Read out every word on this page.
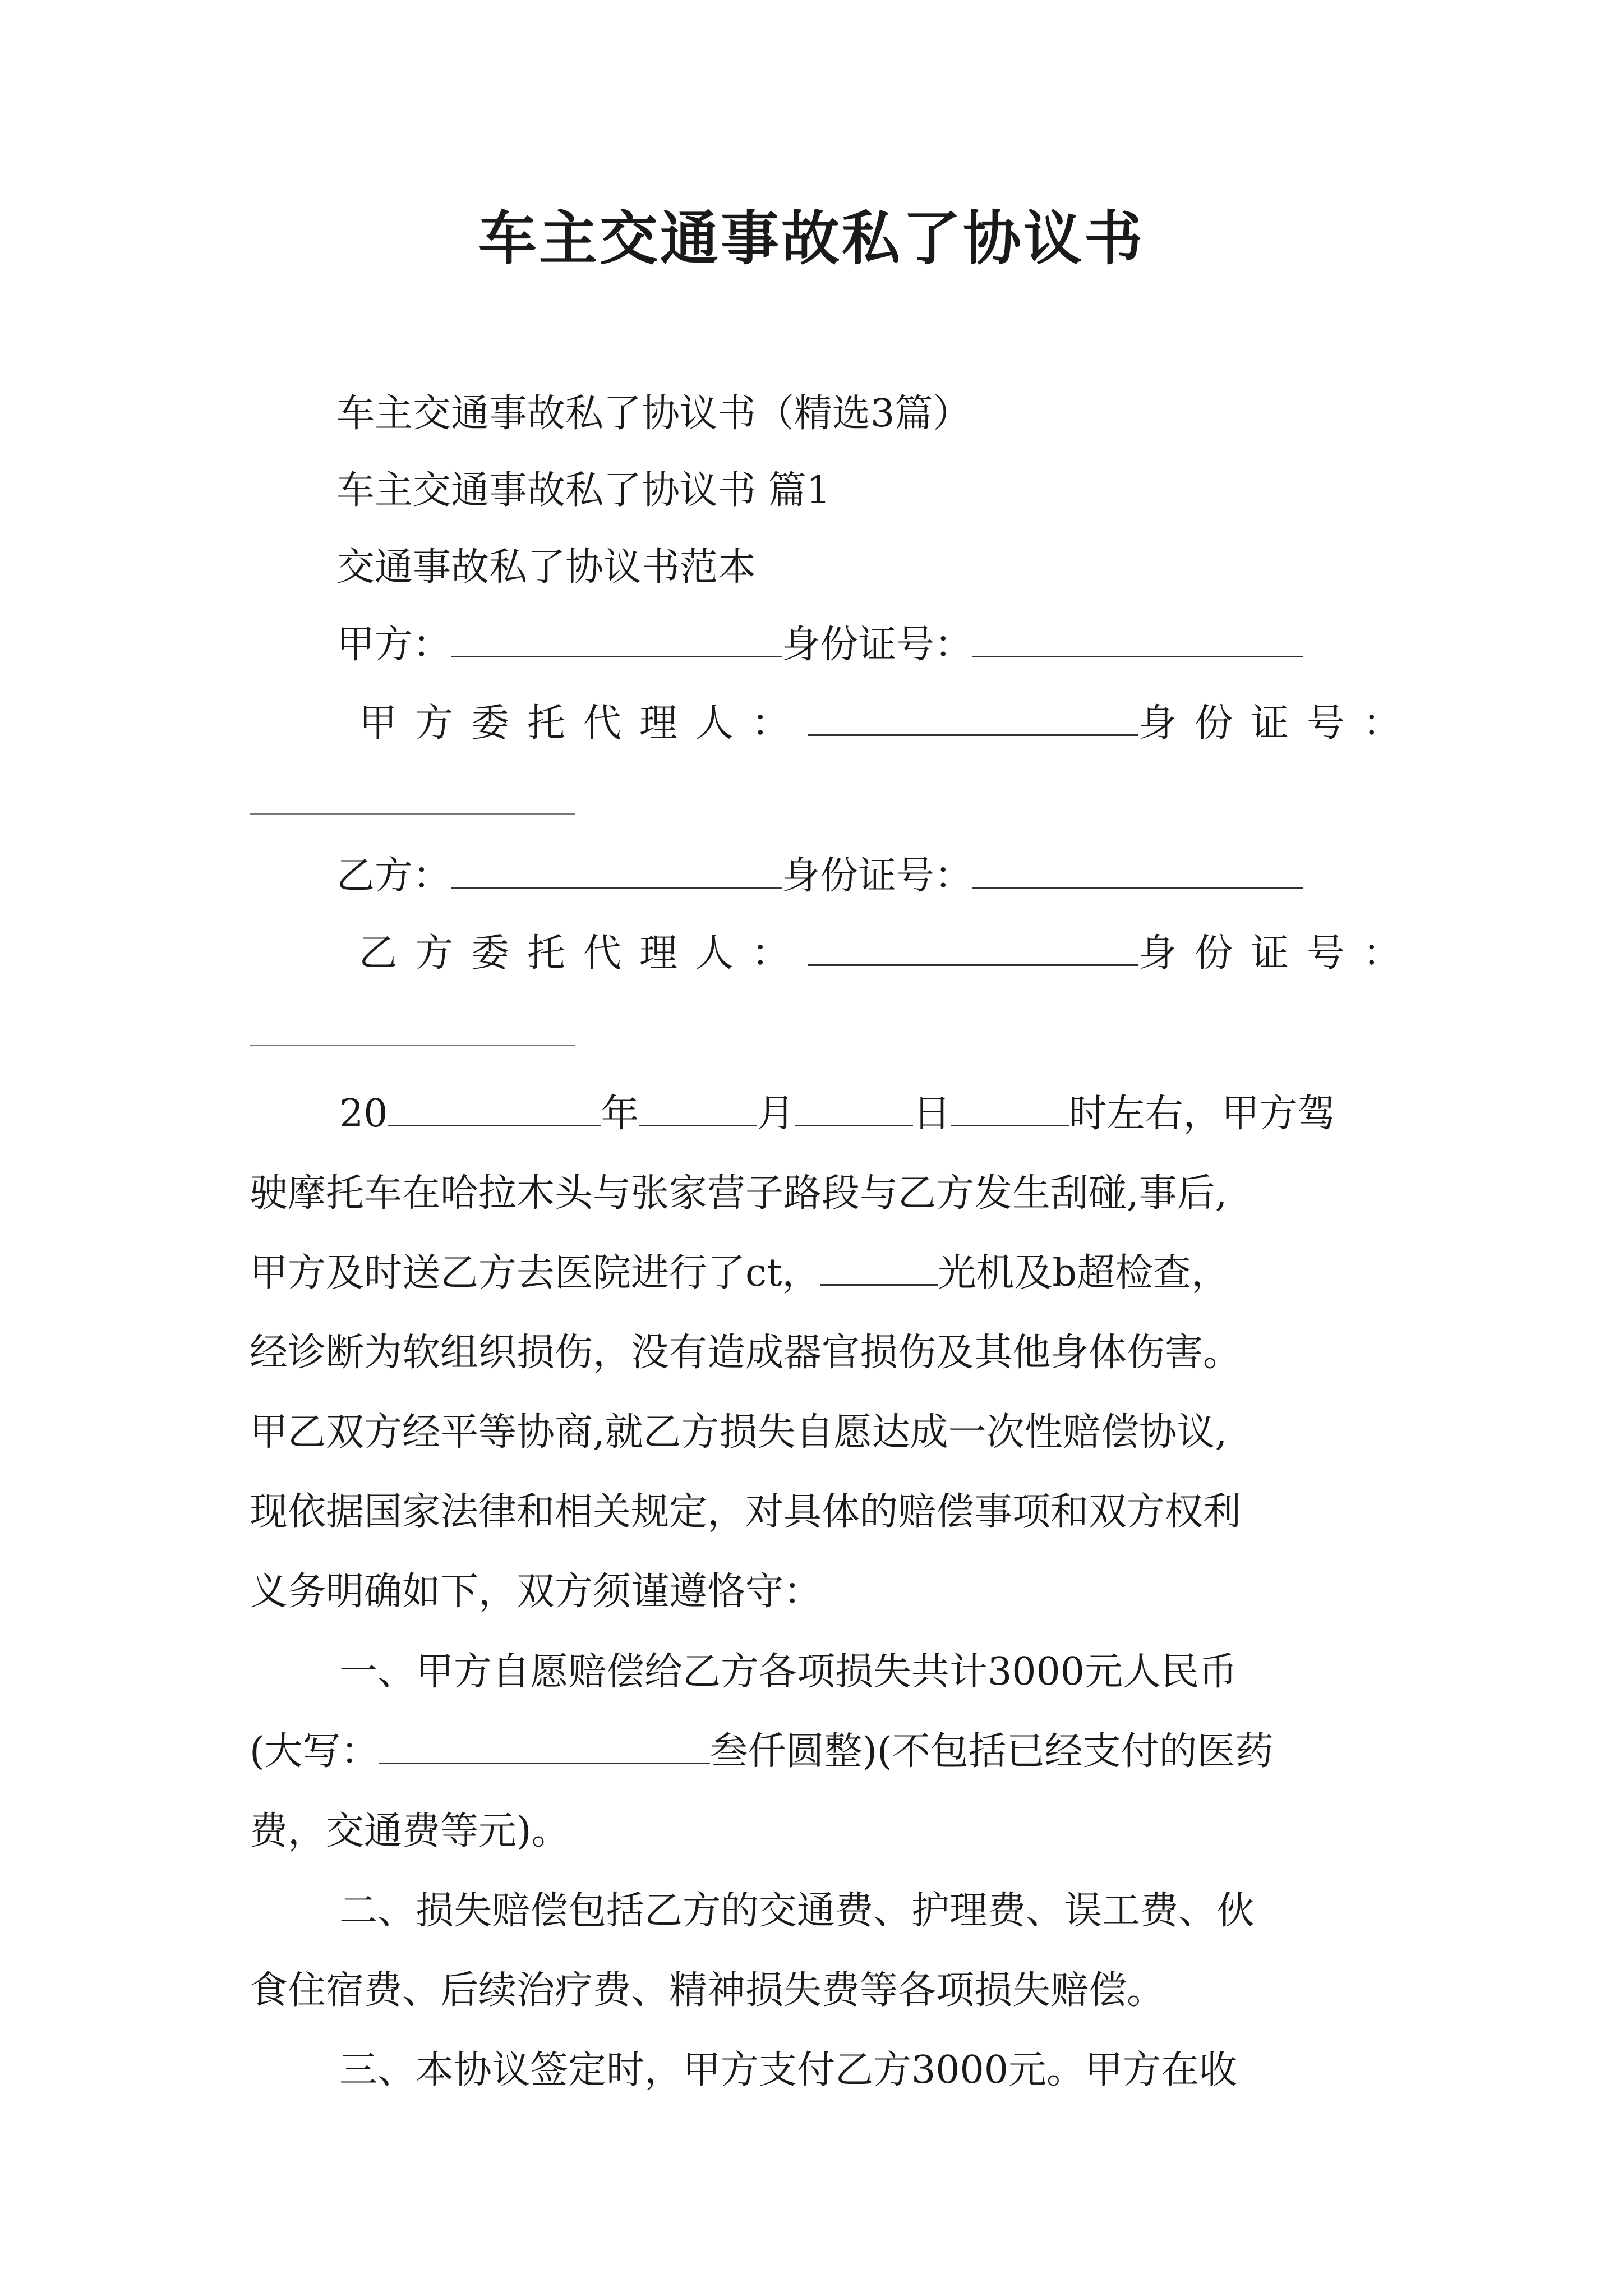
车主交通事故私了协议书
车主交通事故私了协议书（精选3篇）
车主交通事故私了协议书 篇1
交通事故私了协议书范本
甲方：	身份证号：
甲方委托代理人：	身份证号：
乙方：	身份证号：
乙方委托代理人：	身份证号：
20	年	月	日	时左右，甲方驾
驶摩托车在哈拉木头与张家营子路段与乙方发生刮碰,事后,
甲方及时送乙方去医院进行了ct，	光机及b超检查，
经诊断为软组织损伤，没有造成器官损伤及其他身体伤害。
甲乙双方经平等协商,就乙方损失自愿达成一次性赔偿协议,
现依据国家法律和相关规定，对具体的赔偿事项和双方权利
义务明确如下，双方须谨遵恪守：
一、甲方自愿赔偿给乙方各项损失共计3000元人民币
(大写：	叁仟圆整)(不包括已经支付的医药
费，交通费等元)。
二、损失赔偿包括乙方的交通费、护理费、误工费、伙
食住宿费、后续治疗费、精神损失费等各项损失赔偿。
三、本协议签定时，甲方支付乙方3000元。甲方在收
